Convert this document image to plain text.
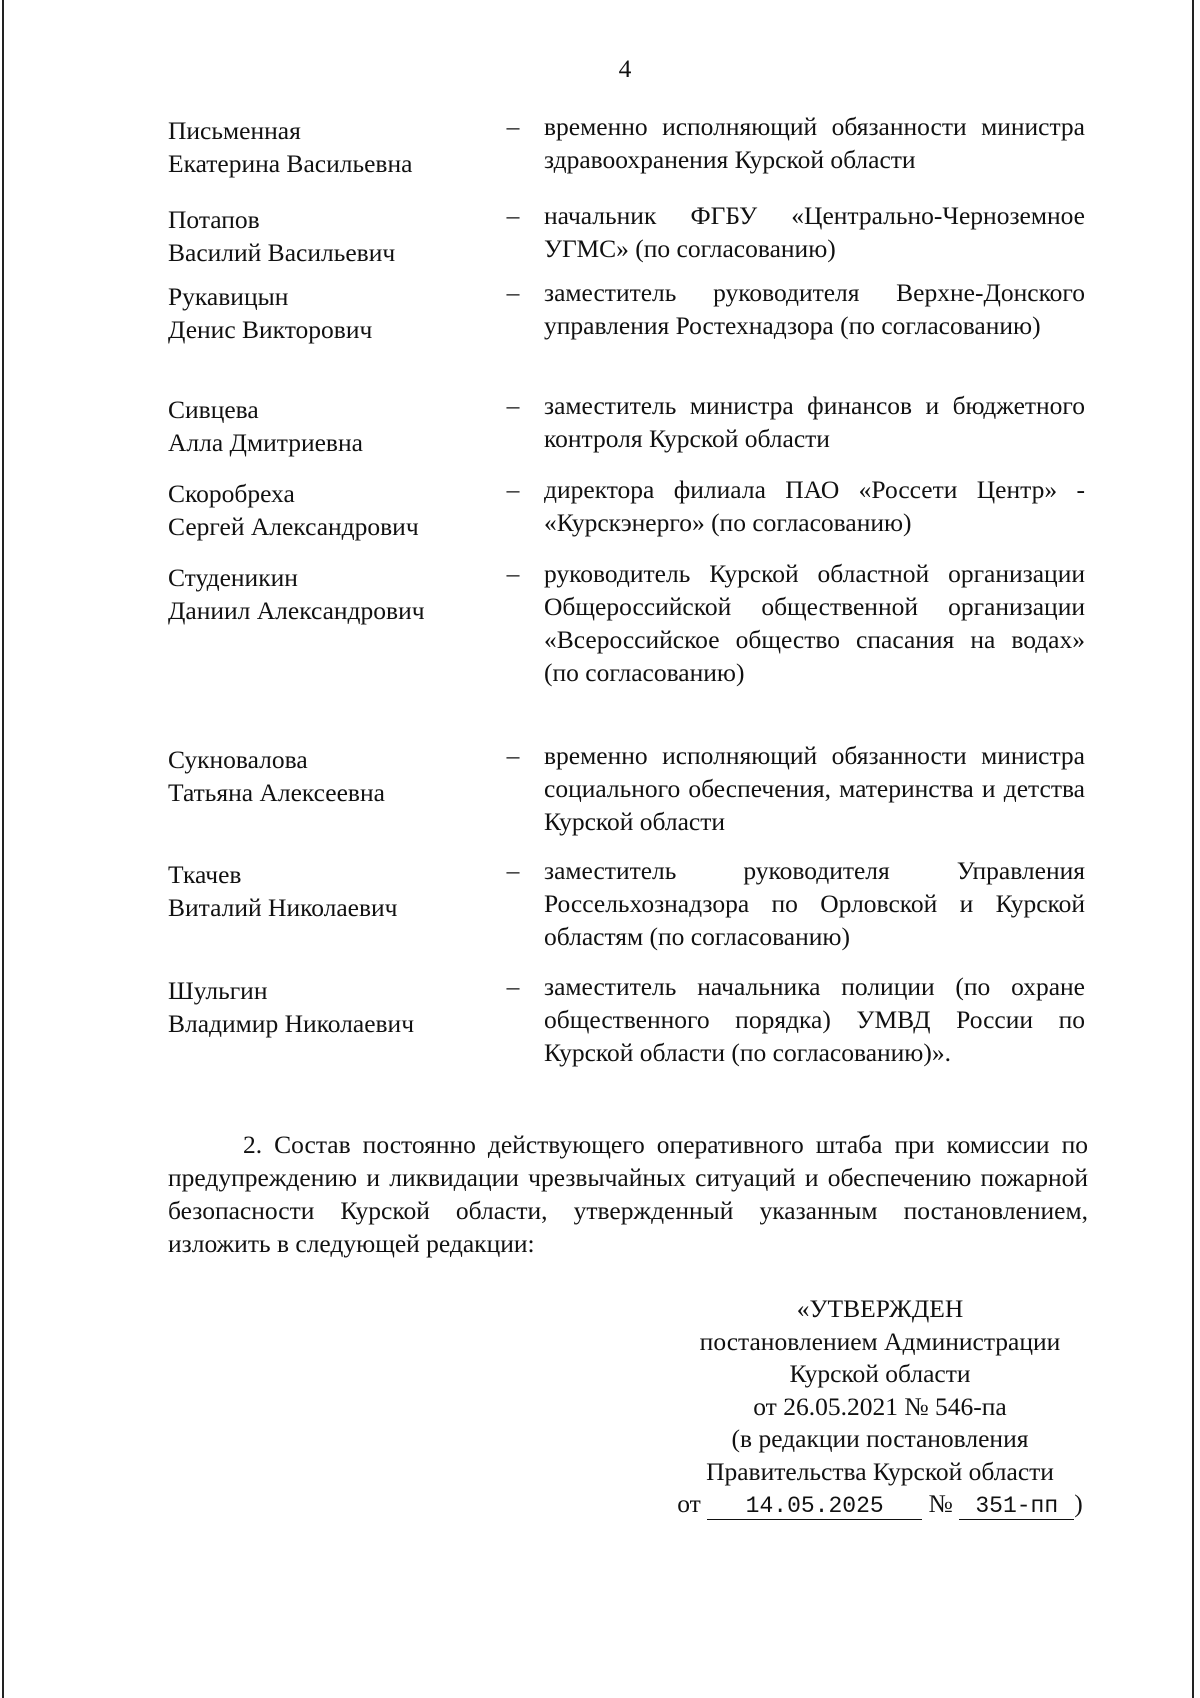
4
Письменная
Екатерина Васильевна
– временно исполняющий обязанности министра здравоохранения Курской области
Потапов
Василий Васильевич
– начальник ФГБУ «Центрально-Черноземное УГМС» (по согласованию)
Рукавицын
Денис Викторович
– заместитель руководителя Верхне-Донского управления Ростехнадзора (по согласованию)
Сивцева
Алла Дмитриевна
– заместитель министра финансов и бюджетного контроля Курской области
Скоробреха
Сергей Александрович
– директора филиала ПАО «Россети Центр» - «Курскэнерго» (по согласованию)
Студеникин
Даниил Александрович
– руководитель Курской областной организации Общероссийской общественной организации «Всероссийское общество спасания на водах» (по согласованию)
Сукновалова
Татьяна Алексеевна
– временно исполняющий обязанности министра социального обеспечения, материнства и детства Курской области
Ткачев
Виталий Николаевич
– заместитель руководителя Управления Россельхознадзора по Орловской и Курской областям (по согласованию)
Шульгин
Владимир Николаевич
– заместитель начальника полиции (по охране общественного порядка) УМВД России по Курской области (по согласованию)».
2. Состав постоянно действующего оперативного штаба при комиссии по предупреждению и ликвидации чрезвычайных ситуаций и обеспечению пожарной безопасности Курской области, утвержденный указанным постановлением, изложить в следующей редакции:
«УТВЕРЖДЕН
постановлением Администрации
Курской области
от 26.05.2021 № 546-па
(в редакции постановления
Правительства Курской области
от 14.05.2025 № 351-пп )
